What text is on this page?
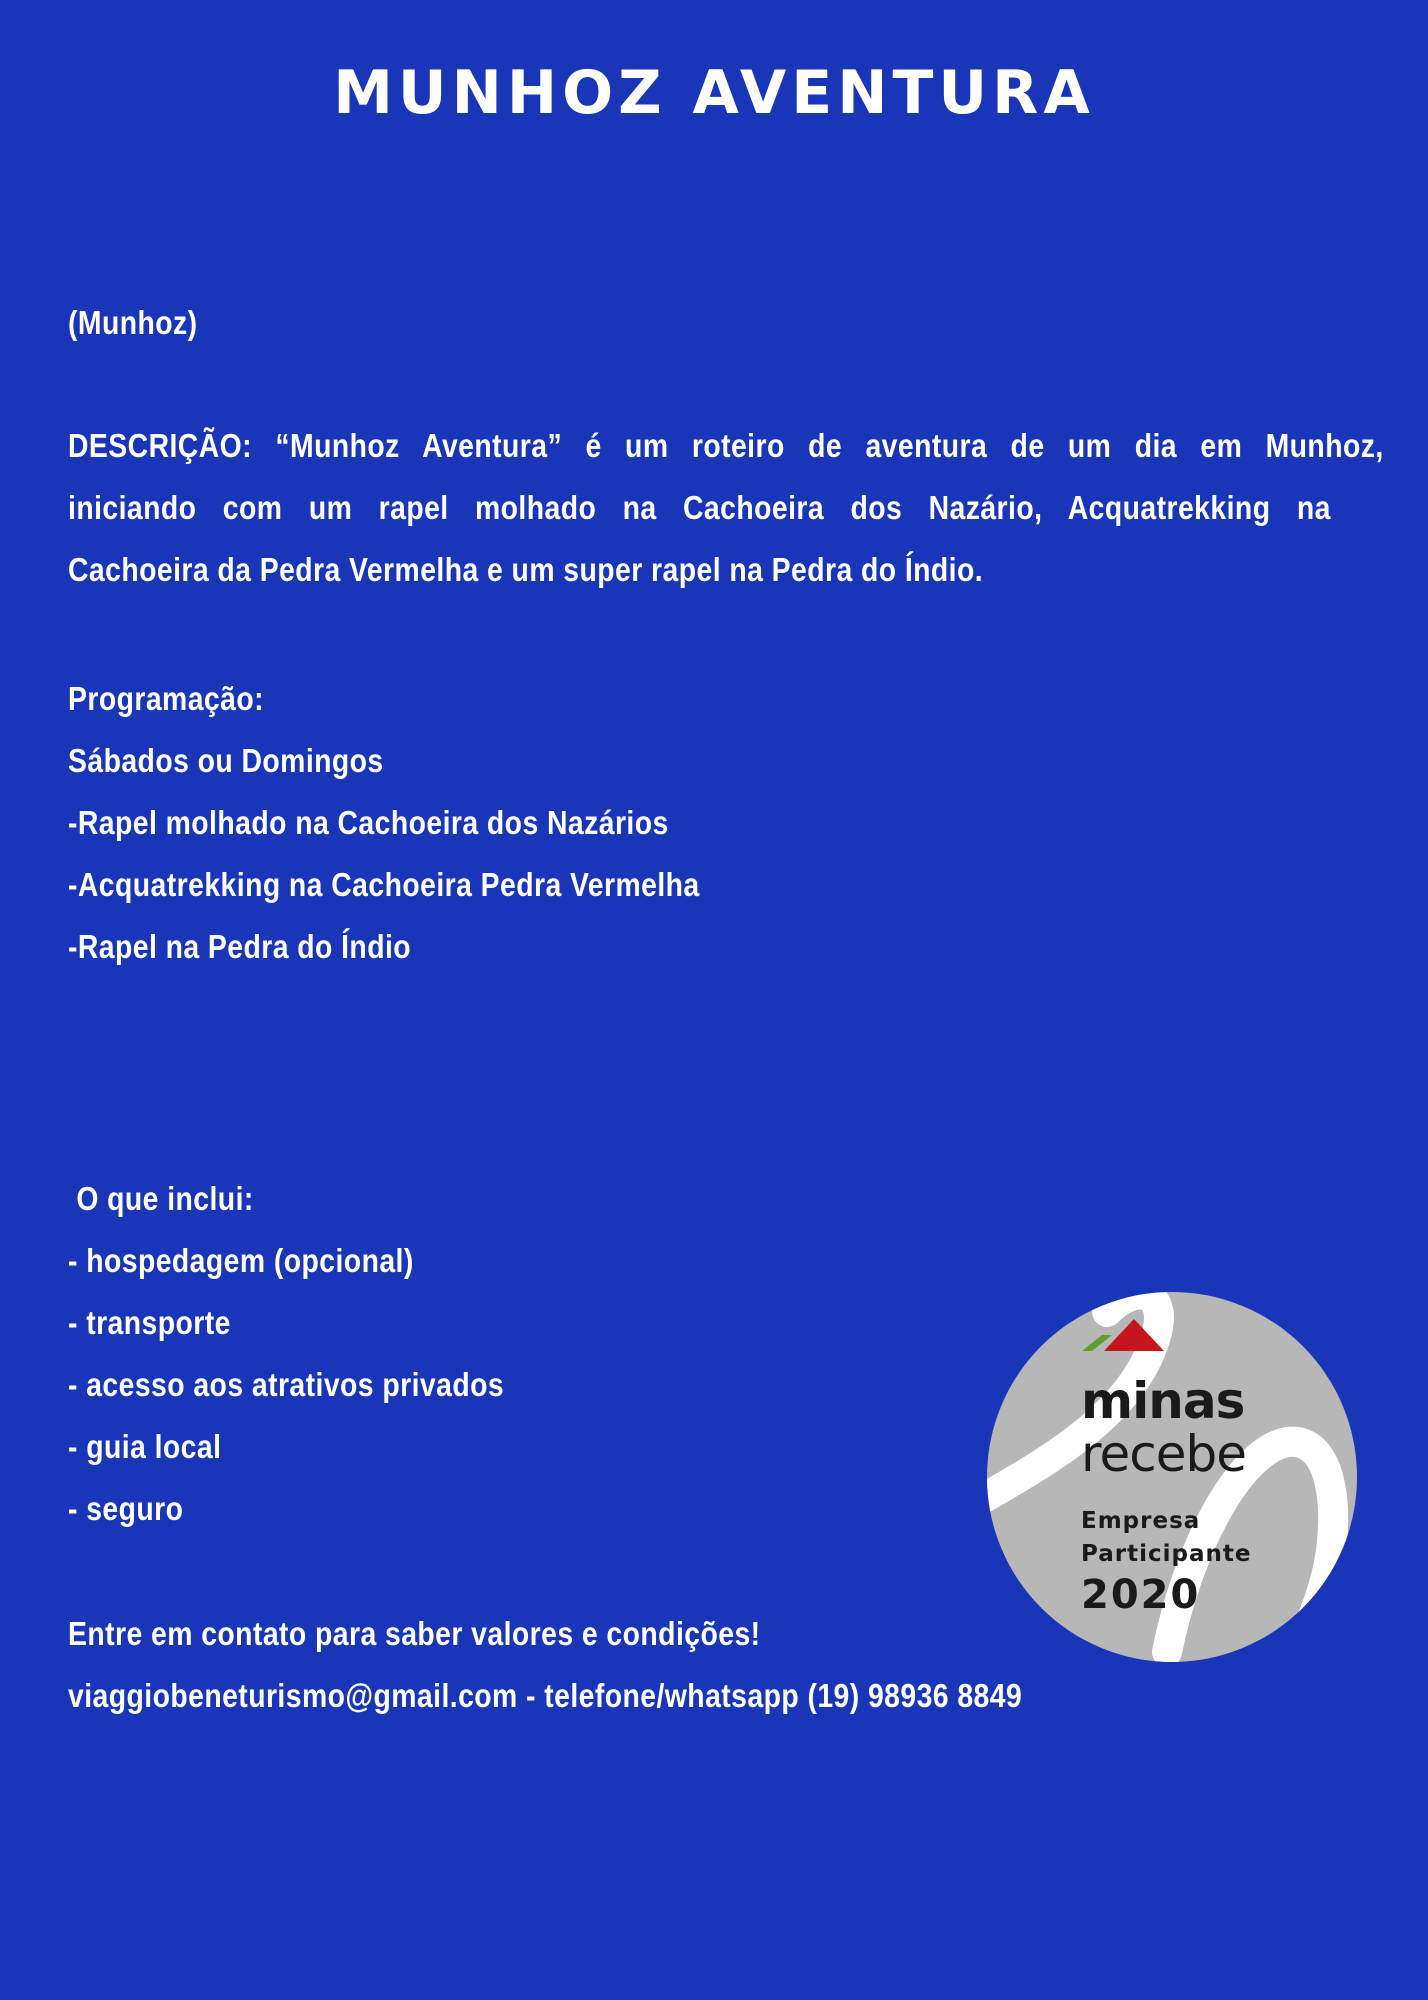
MUNHOZ AVENTURA

(Munhoz)

DESCRIÇÃO: “Munhoz Aventura” é um roteiro de aventura de um dia em Munhoz,
iniciando com um rapel molhado na Cachoeira dos Nazário, Acquatrekking na
Cachoeira da Pedra Vermelha e um super rapel na Pedra do Índio.

Programação:

Sábados ou Domingos

-Rapel molhado na Cachoeira dos Nazários

-Acquatrekking na Cachoeira Pedra Vermelha

-Rapel na Pedra do Índio

O que inclui:

- hospedagem (opcional)

- transporte

- acesso aos atrativos privados

- guia local

- seguro

Entre em contato para saber valores e condições!

viaggiobeneturismo@gmail.com - telefone/whatsapp (19) 98936 8849

minas

recebe

Empresa
Participante

2020
